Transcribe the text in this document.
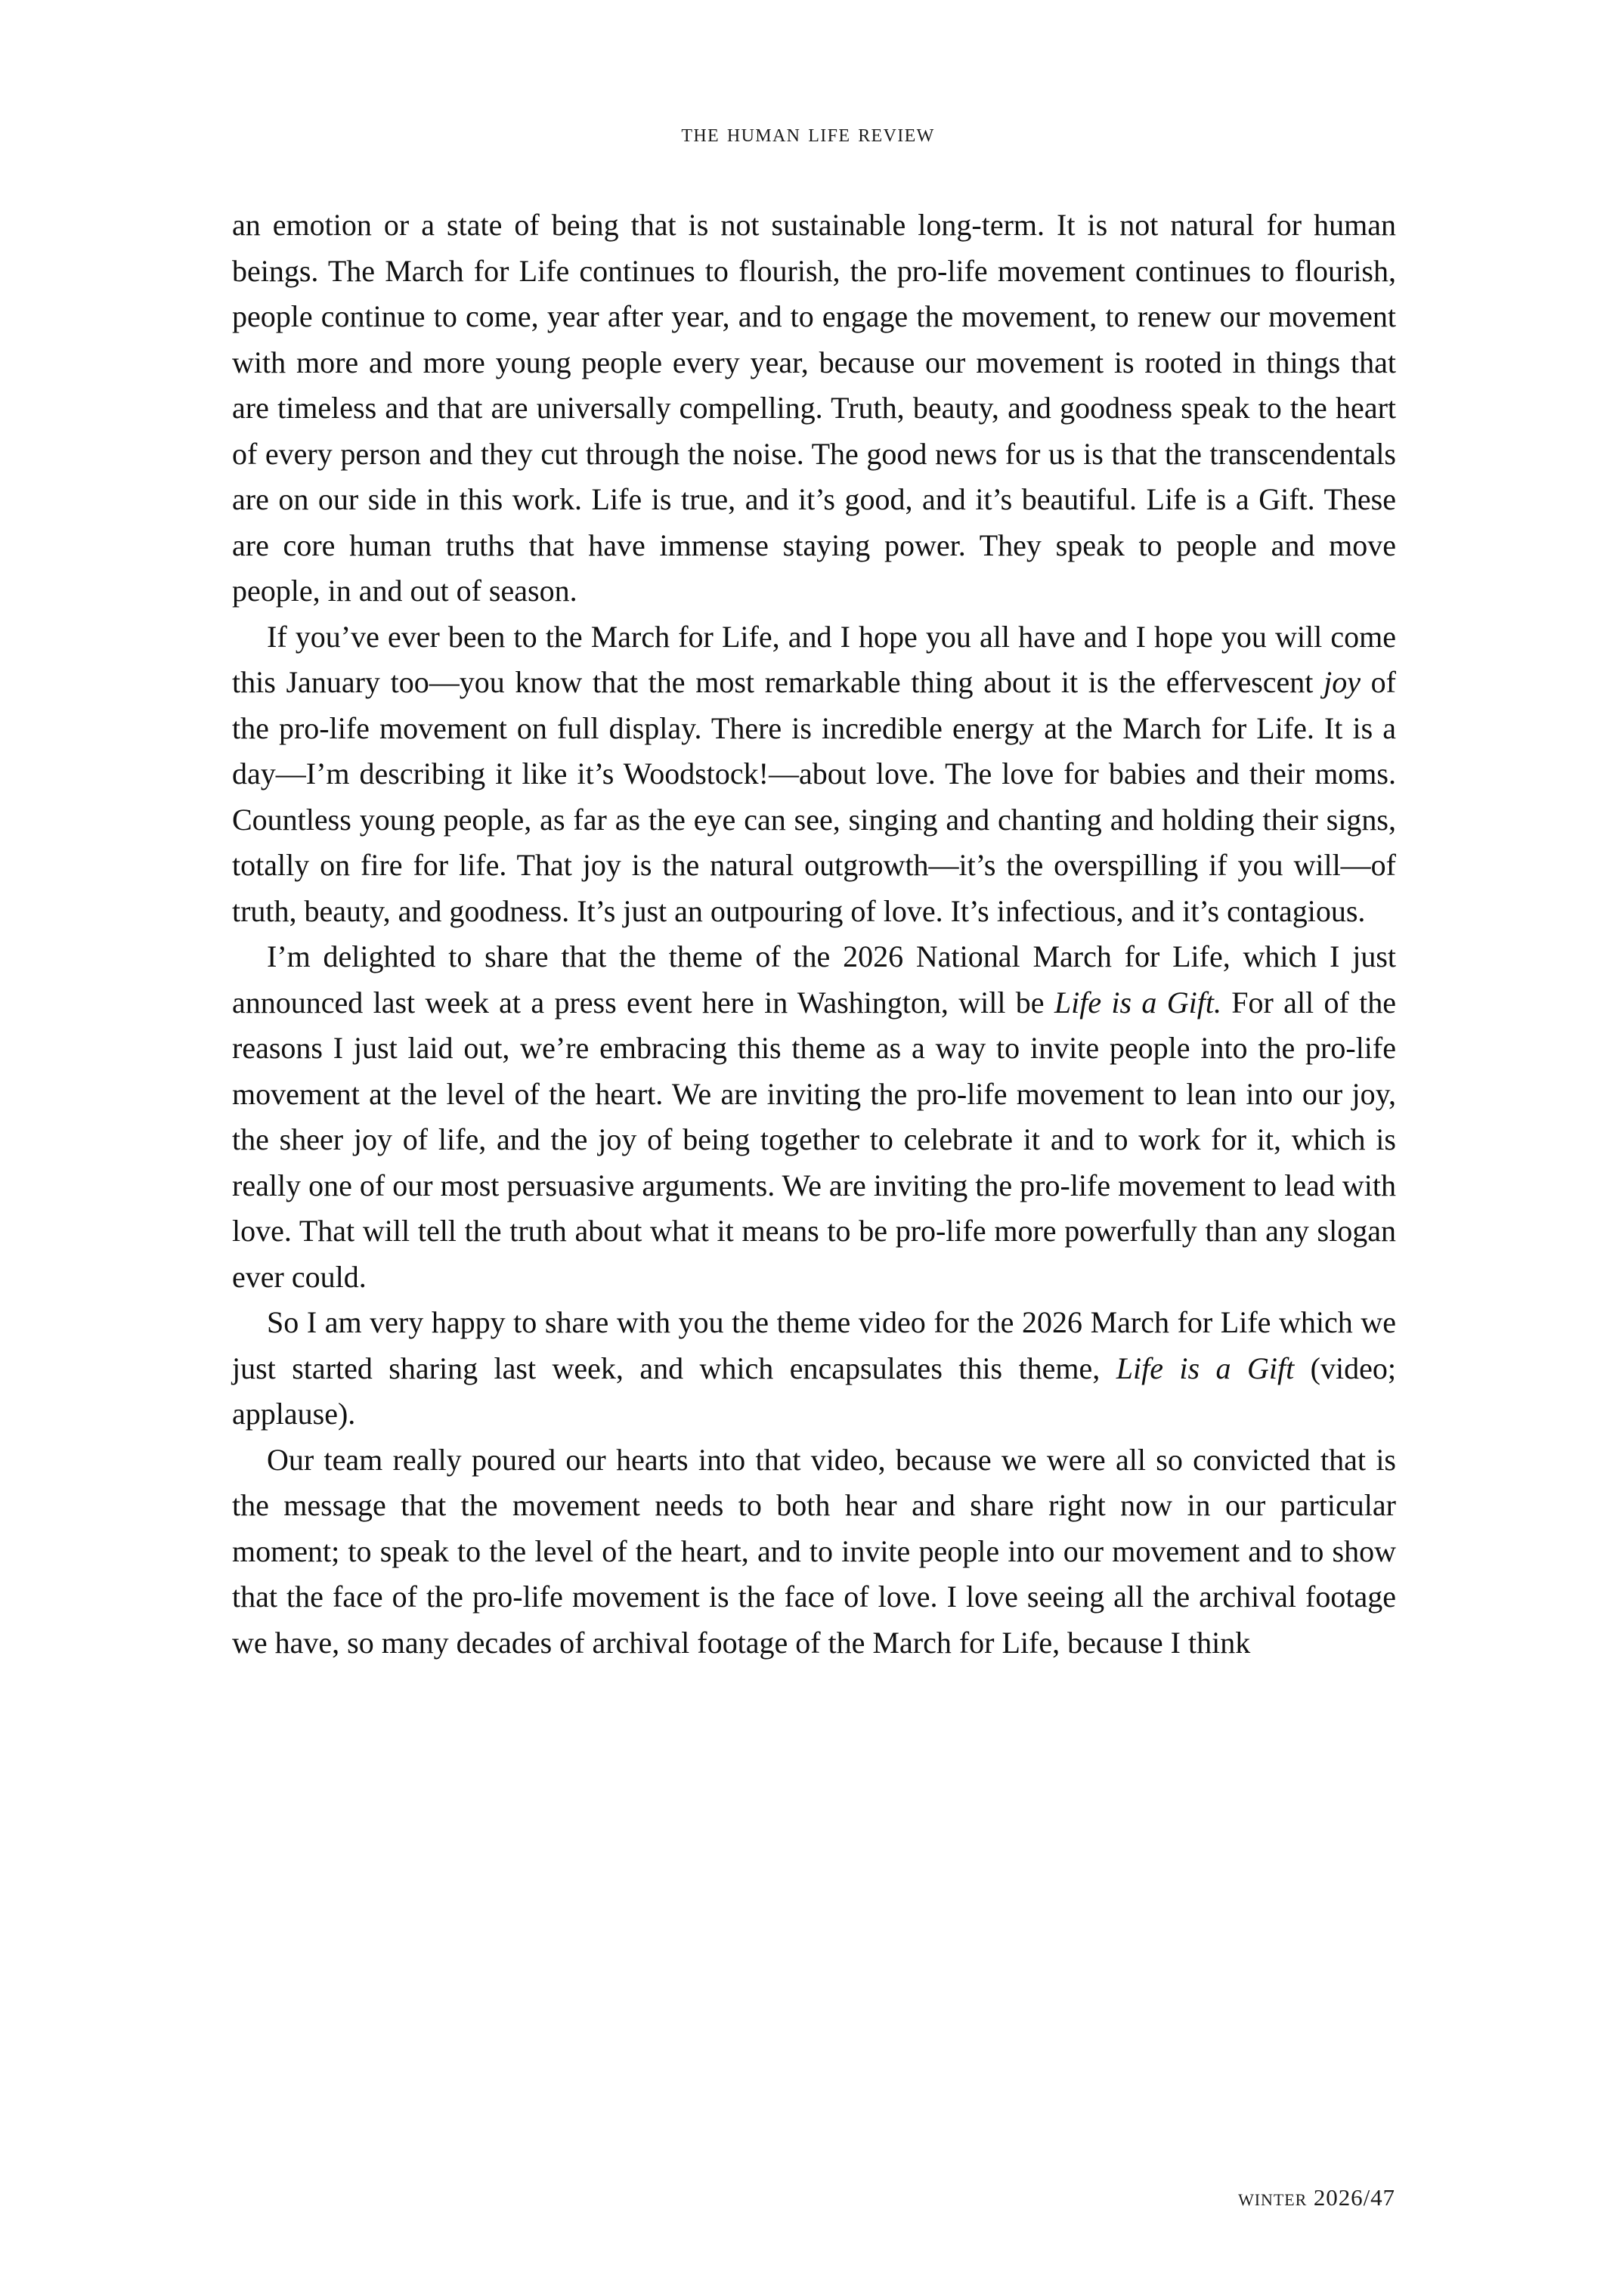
the human life review

an emotion or a state of being that is not sustainable long-term. It is not natural for human beings. The March for Life continues to flourish, the pro-life movement continues to flourish, people continue to come, year after year, and to engage the movement, to renew our movement with more and more young people every year, because our movement is rooted in things that are timeless and that are universally compelling. Truth, beauty, and goodness speak to the heart of every person and they cut through the noise. The good news for us is that the transcendentals are on our side in this work. Life is true, and it’s good, and it’s beautiful. Life is a Gift. These are core human truths that have immense staying power. They speak to people and move people, in and out of season.

If you’ve ever been to the March for Life, and I hope you all have and I hope you will come this January too—you know that the most remarkable thing about it is the effervescent joy of the pro-life movement on full display. There is incredible energy at the March for Life. It is a day—I’m describing it like it’s Woodstock!—about love. The love for babies and their moms. Countless young people, as far as the eye can see, singing and chanting and holding their signs, totally on fire for life. That joy is the natural outgrowth—it’s the overspilling if you will—of truth, beauty, and goodness. It’s just an outpouring of love. It’s infectious, and it’s contagious.

I’m delighted to share that the theme of the 2026 National March for Life, which I just announced last week at a press event here in Washington, will be Life is a Gift. For all of the reasons I just laid out, we’re embracing this theme as a way to invite people into the pro-life movement at the level of the heart. We are inviting the pro-life movement to lean into our joy, the sheer joy of life, and the joy of being together to celebrate it and to work for it, which is really one of our most persuasive arguments. We are inviting the pro-life movement to lead with love. That will tell the truth about what it means to be pro-life more powerfully than any slogan ever could.

So I am very happy to share with you the theme video for the 2026 March for Life which we just started sharing last week, and which encapsulates this theme, Life is a Gift (video; applause).

Our team really poured our hearts into that video, because we were all so convicted that is the message that the movement needs to both hear and share right now in our particular moment; to speak to the level of the heart, and to invite people into our movement and to show that the face of the pro-life movement is the face of love. I love seeing all the archival footage we have, so many decades of archival footage of the March for Life, because I think

winter 2026/47
